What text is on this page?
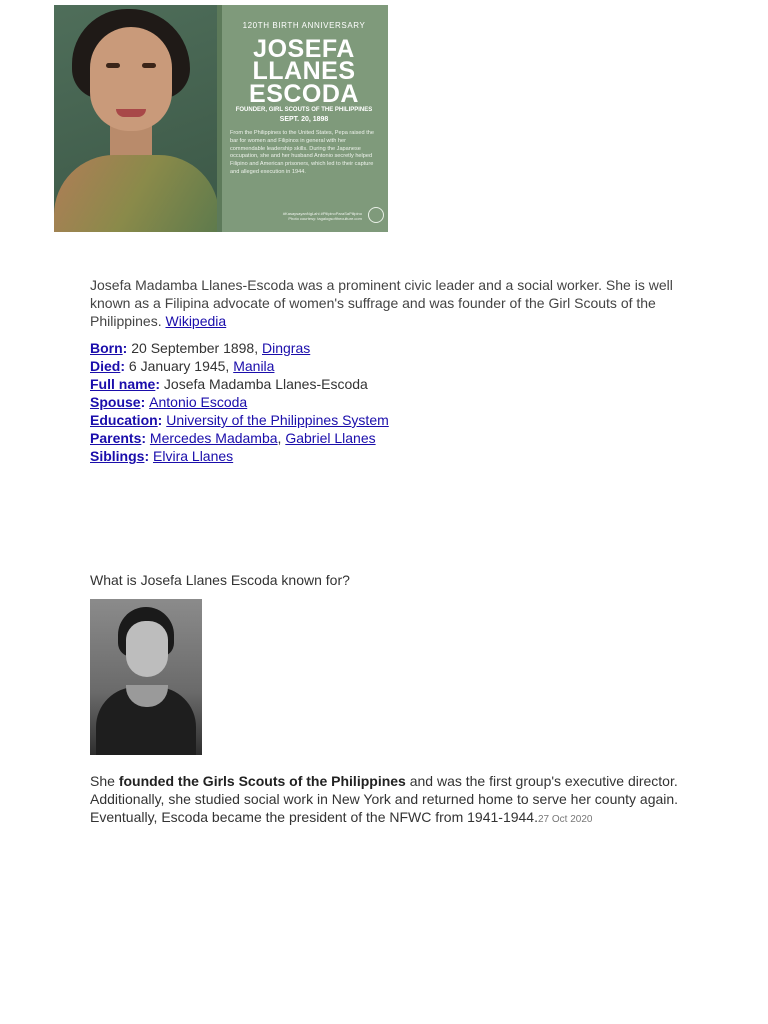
120TH BIRTH ANNIVERSARY
JOSEFA
LLANES
ESCODA
FOUNDER, GIRL SCOUTS OF THE PHILIPPINES
SEPT. 20, 1898
From the Philippines to the United States, Pepa raised the bar for women and Filipinos in general with her commendable leadership skills. During the Japanese occupation, she and her husband Antonio secretly helped Filipino and American prisoners, which led to their capture and alleged execution in 1944.
#KasaysayanNgLahi #PilipinoParaSaPilipino Photo courtesy: tagalogsoftheculture.com
Josefa Madamba Llanes-Escoda was a prominent civic leader and a social worker. She is well known as a Filipina advocate of women's suffrage and was founder of the Girl Scouts of the Philippines. Wikipedia
Born: 20 September 1898, Dingras
Died: 6 January 1945, Manila
Full name: Josefa Madamba Llanes-Escoda
Spouse: Antonio Escoda
Education: University of the Philippines System
Parents: Mercedes Madamba, Gabriel Llanes
Siblings: Elvira Llanes
What is Josefa Llanes Escoda known for?
She founded the Girls Scouts of the Philippines and was the first group's executive director. Additionally, she studied social work in New York and returned home to serve her county again. Eventually, Escoda became the president of the NFWC from 1941-1944.27 Oct 2020
